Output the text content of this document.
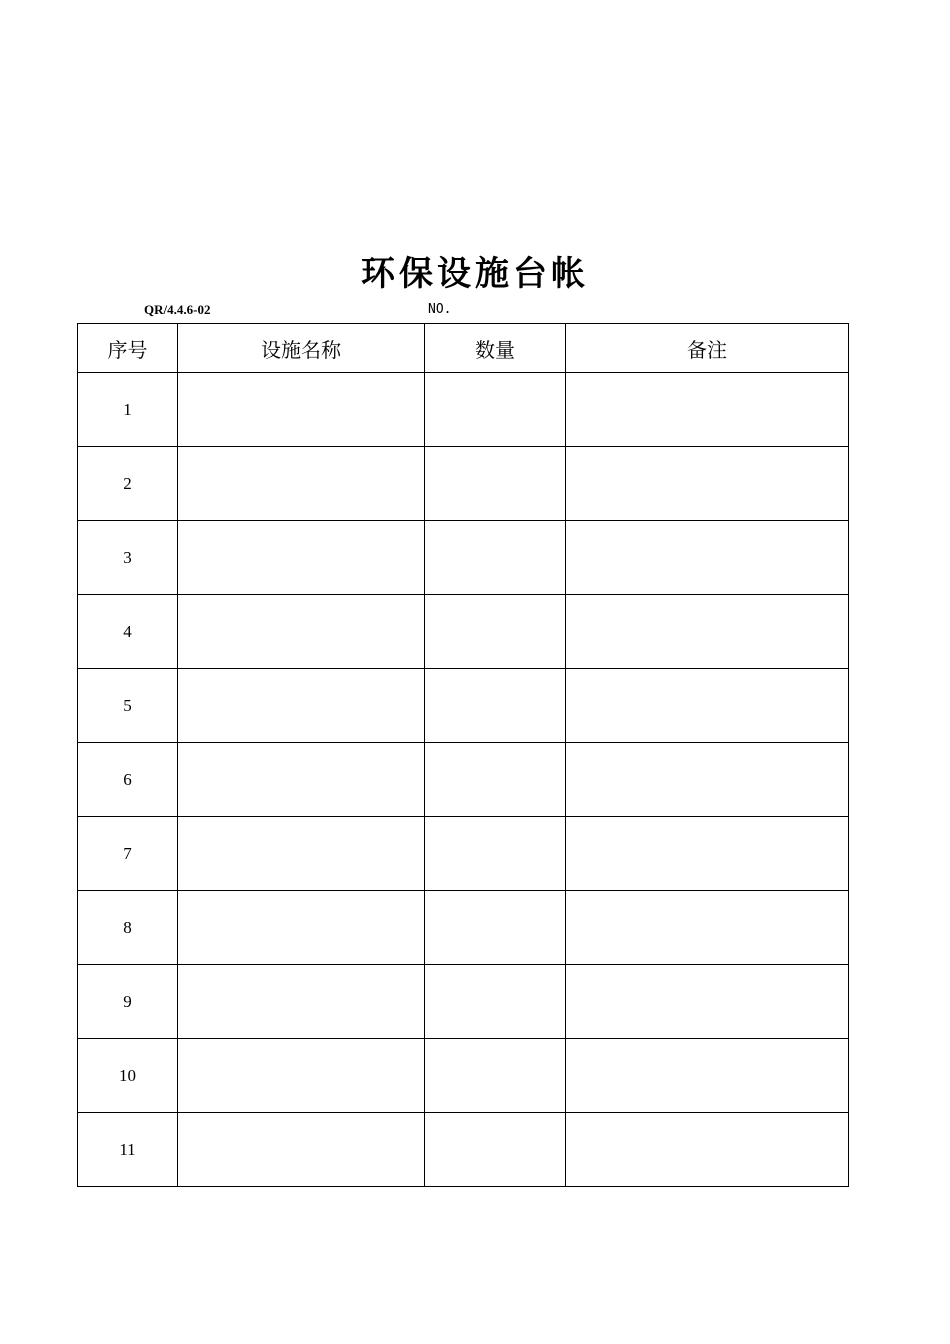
环保设施台帐
QR/4.4.6-02	NO.
序号	设施名称	数量	备注
1			
2			
3			
4			
5			
6			
7			
8			
9			
10			
11			
